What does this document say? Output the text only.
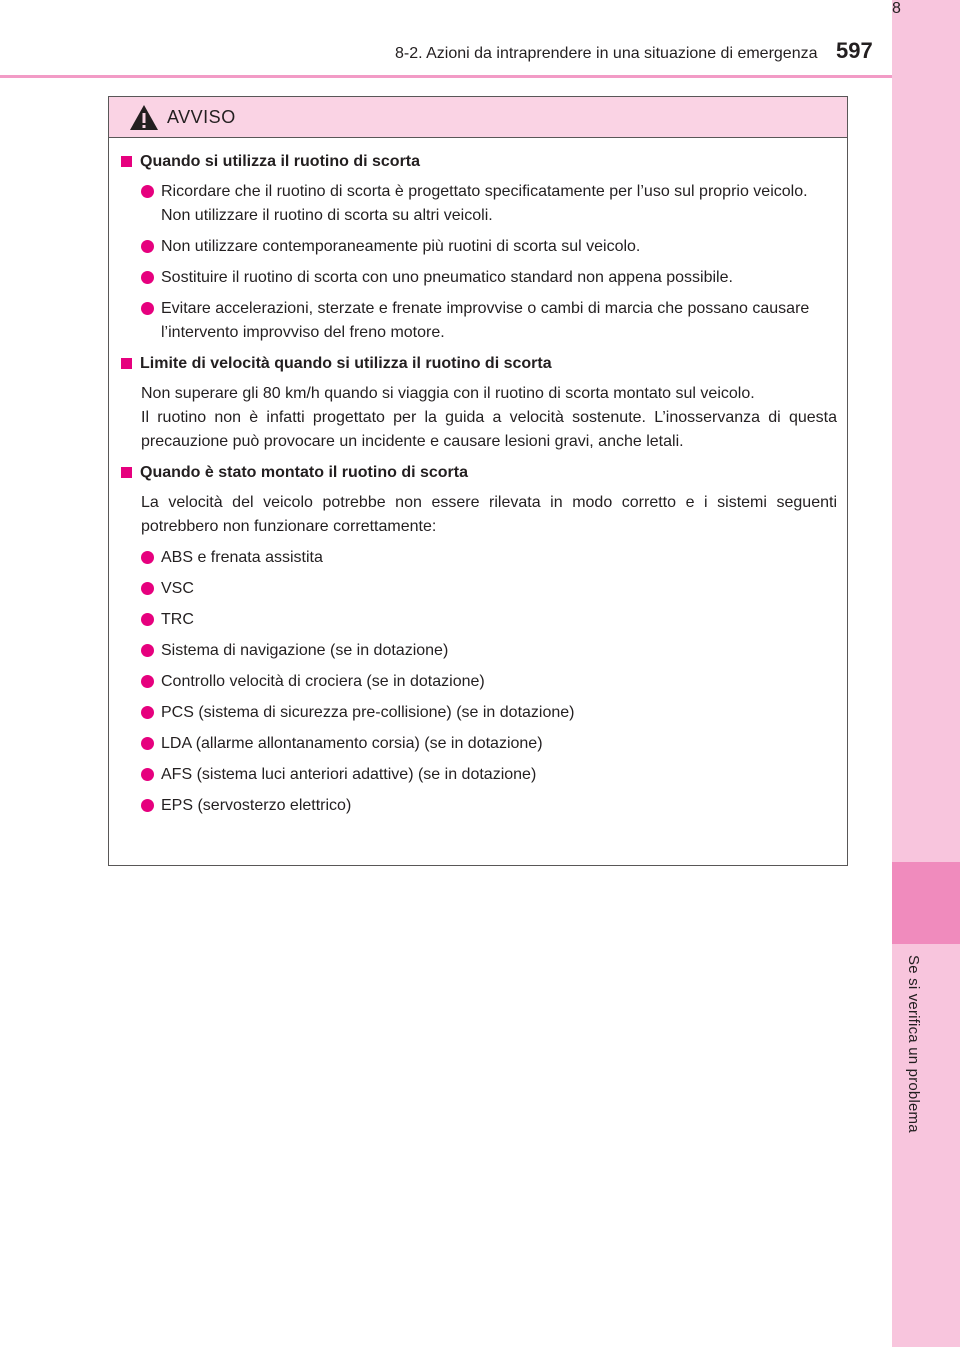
8
Se si verifica un problema
8-2. Azioni da intraprendere in una situazione di emergenza 597
AVVISO
Quando si utilizza il ruotino di scorta
Ricordare che il ruotino di scorta è progettato specificatamente per l’uso sul proprio veicolo. Non utilizzare il ruotino di scorta su altri veicoli.
Non utilizzare contemporaneamente più ruotini di scorta sul veicolo.
Sostituire il ruotino di scorta con uno pneumatico standard non appena possibile.
Evitare accelerazioni, sterzate e frenate improvvise o cambi di marcia che possano causare l’intervento improvviso del freno motore.
Limite di velocità quando si utilizza il ruotino di scorta
Non superare gli 80 km/h quando si viaggia con il ruotino di scorta montato sul veicolo.
Il ruotino non è infatti progettato per la guida a velocità sostenute. L’inosservanza di questa precauzione può provocare un incidente e causare lesioni gravi, anche letali.
Quando è stato montato il ruotino di scorta
La velocità del veicolo potrebbe non essere rilevata in modo corretto e i sistemi seguenti potrebbero non funzionare correttamente:
ABS e frenata assistita
VSC
TRC
Sistema di navigazione (se in dotazione)
Controllo velocità di crociera (se in dotazione)
PCS (sistema di sicurezza pre-collisione) (se in dotazione)
LDA (allarme allontanamento corsia) (se in dotazione)
AFS (sistema luci anteriori adattive) (se in dotazione)
EPS (servosterzo elettrico)
